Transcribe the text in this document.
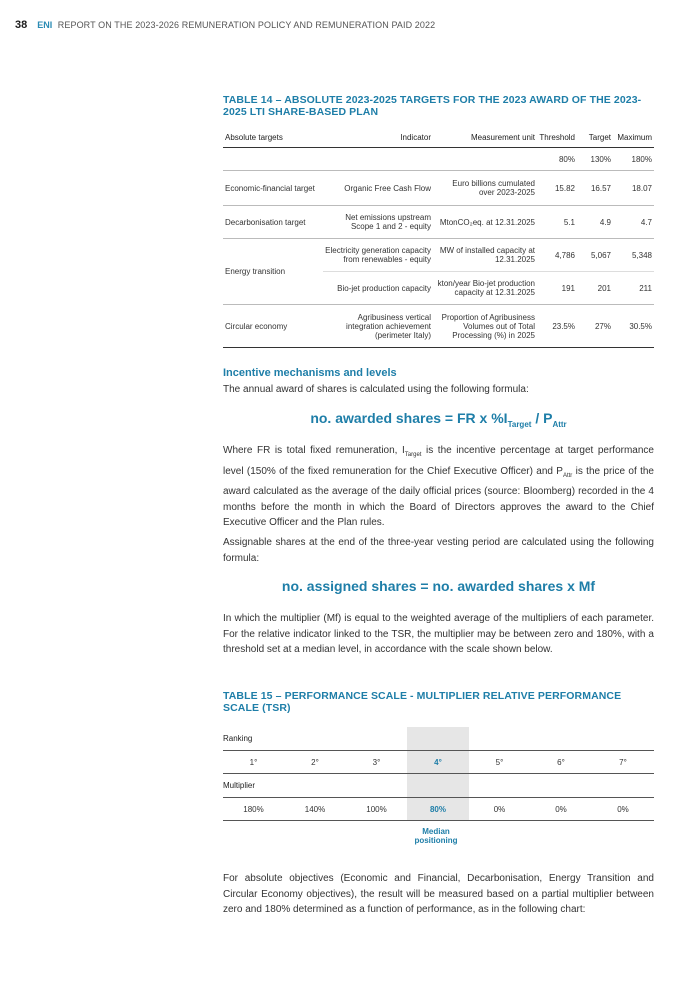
38 ENI REPORT ON THE 2023-2026 REMUNERATION POLICY AND REMUNERATION PAID 2022
TABLE 14 – ABSOLUTE 2023-2025 TARGETS FOR THE 2023 AWARD OF THE 2023-2025 LTI SHARE-BASED PLAN
Absolute targets	Indicator	Measurement unit	Threshold	Target	Maximum
			80%	130%	180%
Economic-financial target	Organic Free Cash Flow	Euro billions cumulated over 2023-2025	15.82	16.57	18.07
Decarbonisation target	Net emissions upstream Scope 1 and 2 - equity	MtonCO₂eq. at 12.31.2025	5.1	4.9	4.7
Energy transition	Electricity generation capacity from renewables - equity	MW of installed capacity at 12.31.2025	4,786	5,067	5,348
	Bio-jet production capacity	kton/year Bio-jet production capacity at 12.31.2025	191	201	211
Circular economy	Agribusiness vertical integration achievement (perimeter Italy)	Proportion of Agribusiness Volumes out of Total Processing (%) in 2025	23.5%	27%	30.5%
Incentive mechanisms and levels
The annual award of shares is calculated using the following formula:
no. awarded shares = FR x $\%I_{Target} / P_{Attr}$
Where FR is total fixed remuneration, $I_{Target}$ is the incentive percentage at target performance level (150% of the fixed remuneration for the Chief Executive Officer) and $P_{Attr}$ is the price of the award calculated as the average of the daily official prices (source: Bloomberg) recorded in the 4 months before the month in which the Board of Directors approves the award to the Chief Executive Officer and the Plan rules.
Assignable shares at the end of the three-year vesting period are calculated using the following formula:
no. assigned shares = no. awarded shares x Mf
In which the multiplier (Mf) is equal to the weighted average of the multipliers of each parameter. For the relative indicator linked to the TSR, the multiplier may be between zero and 180%, with a threshold set at a median level, in accordance with the scale shown below.
TABLE 15 – PERFORMANCE SCALE - MULTIPLIER RELATIVE PERFORMANCE SCALE (TSR)
Ranking						
1°	2°	3°	4°	5°	6°	7°
Multiplier						
180%	140%	100%	80%	0%	0%	0%
Median positioning
For absolute objectives (Economic and Financial, Decarbonisation, Energy Transition and Circular Economy objectives), the result will be measured based on a partial multiplier between zero and 180% determined as a function of performance, as in the following chart:
